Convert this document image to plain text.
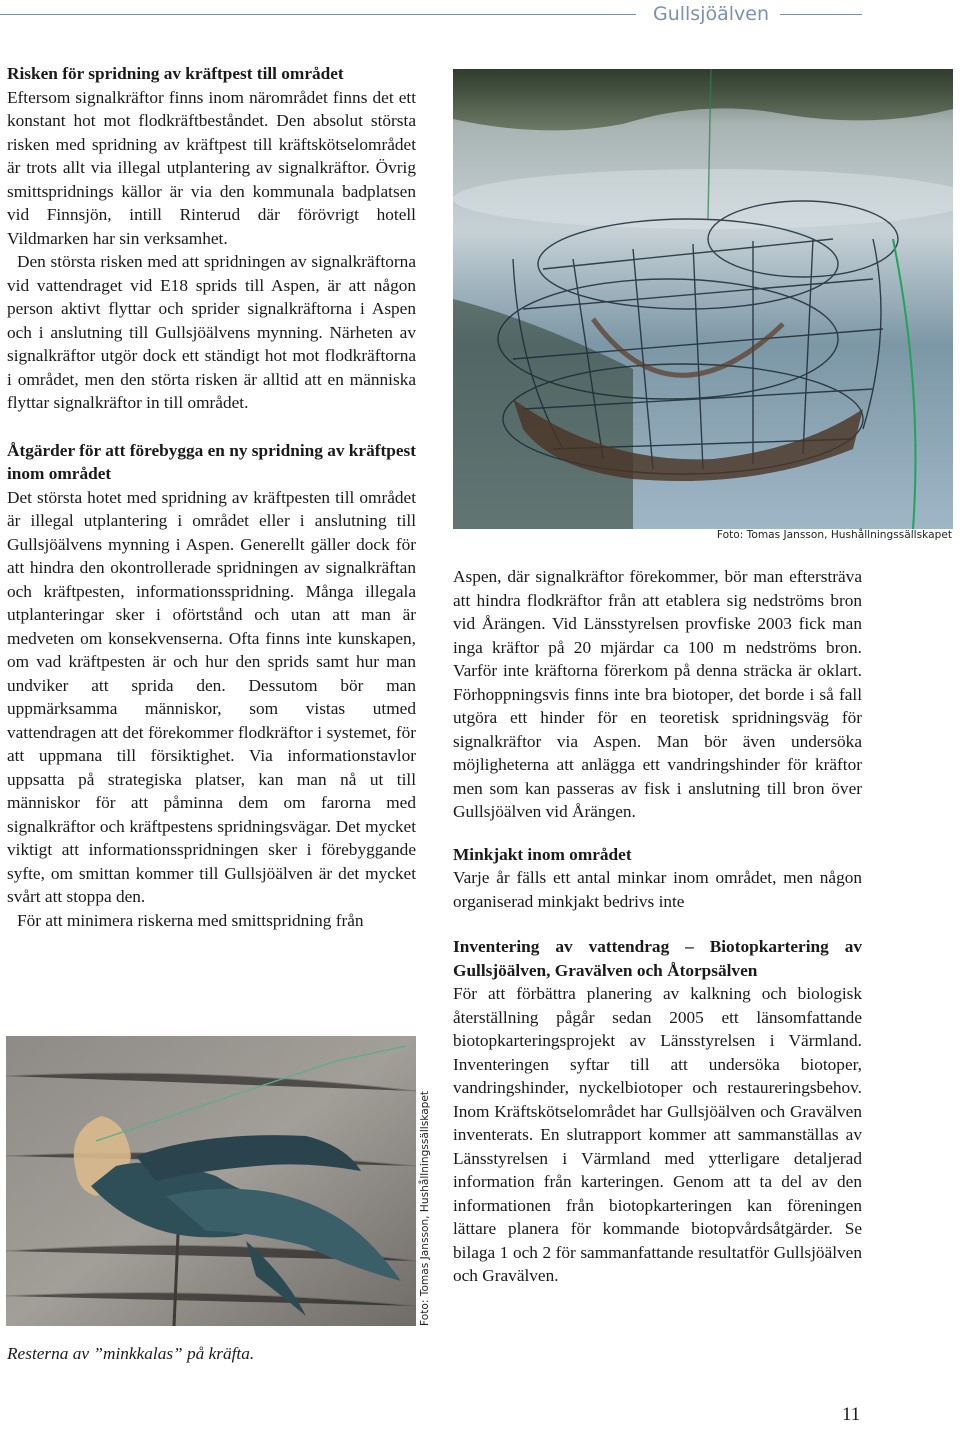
Gullsjöälven
Risken för spridning av kräftpest till området

Eftersom signalkräftor finns inom närområdet finns det ett konstant hot mot flodkräftbeståndet. Den absolut största risken med spridning av kräftpest till kräftskötselområdet är trots allt via illegal utplantering av signalkräftor. Övrig smittspridnings källor är via den kommunala badplatsen vid Finnsjön, intill Rinterud där förövrigt hotell Vildmarken har sin verksamhet.

Den största risken med att spridningen av signalkräftorna vid vattendraget vid E18 sprids till Aspen, är att någon person aktivt flyttar och sprider signalkräftorna i Aspen och i anslutning till Gullsjöälvens mynning. Närheten av signalkräftor utgör dock ett ständigt hot mot flodkräftorna i området, men den störta risken är alltid att en människa flyttar signalkräftor in till området.

Åtgärder för att förebygga en ny spridning av kräftpest inom området

Det största hotet med spridning av kräftpesten till området är illegal utplantering i området eller i anslutning till Gullsjöälvens mynning i Aspen. Generellt gäller dock för att hindra den okontrollerade spridningen av signalkräftan och kräftpesten, informationsspridning. Många illegala utplanteringar sker i oförtstånd och utan att man är medveten om konsekvenserna. Ofta finns inte kunskapen, om vad kräftpesten är och hur den sprids samt hur man undviker att sprida den. Dessutom bör man uppmärksamma människor, som vistas utmed vattendragen att det förekommer flodkräftor i systemet, för att uppmana till försiktighet. Via informationstavlor uppsatta på strategiska platser, kan man nå ut till människor för att påminna dem om farorna med signalkräftor och kräftpestens spridningsvägar. Det mycket viktigt att informationsspridningen sker i förebyggande syfte, om smittan kommer till Gullsjöälven är det mycket svårt att stoppa den.

För att minimera riskerna med smittspridning från

Foto: Tomas Jansson, Hushållningssällskapet

Aspen, där signalkräftor förekommer, bör man eftersträva att hindra flodkräftor från att etablera sig nedströms bron vid Årängen. Vid Länsstyrelsen provfiske 2003 fick man inga kräftor på 20 mjärdar ca 100 m nedströms bron. Varför inte kräftorna förerkom på denna sträcka är oklart. Förhoppningsvis finns inte bra biotoper, det borde i så fall utgöra ett hinder för en teoretisk spridningsväg för signalkräftor via Aspen. Man bör även undersöka möjligheterna att anlägga ett vandringshinder för kräftor men som kan passeras av fisk i anslutning till bron över Gullsjöälven vid Årängen.

Minkjakt inom området

Varje år fälls ett antal minkar inom området, men någon organiserad minkjakt bedrivs inte

Inventering av vattendrag – Biotopkartering av Gullsjöälven, Gravälven och Åtorpsälven

För att förbättra planering av kalkning och biologisk återställning pågår sedan 2005 ett länsomfattande biotopkarteringsprojekt av Länsstyrelsen i Värmland. Inventeringen syftar till att undersöka biotoper, vandringshinder, nyckelbiotoper och restaureringsbehov. Inom Kräftskötselområdet har Gullsjöälven och Gravälven inventerats. En slutrapport kommer att sammanställas av Länsstyrelsen i Värmland med ytterligare detaljerad information från karteringen. Genom att ta del av den informationen från biotopkarteringen kan föreningen lättare planera för kommande biotopvårdsåtgärder. Se bilaga 1 och 2 för sammanfattande resultatför Gullsjöälven och Gravälven.

Foto: Tomas Jansson, Hushållningssällskapet
Resterna av ”minkkalas” på kräfta.
11
